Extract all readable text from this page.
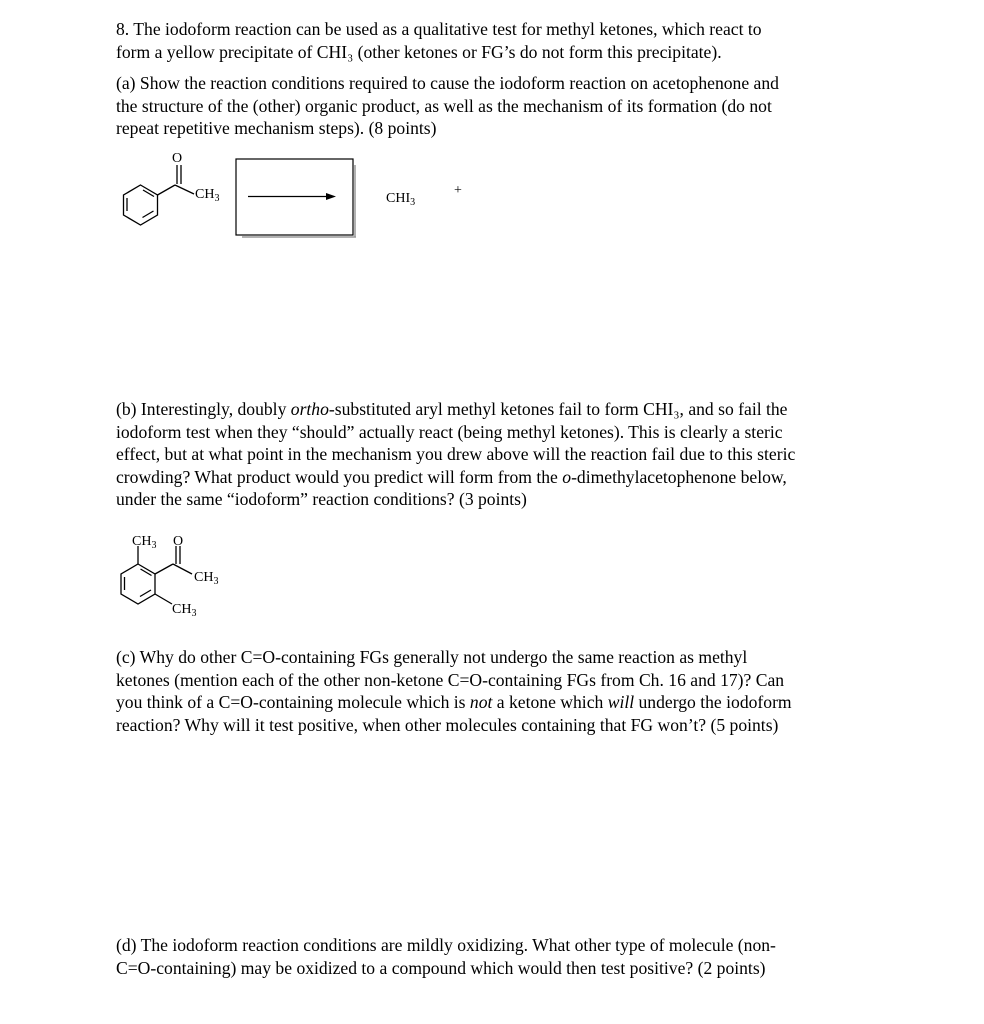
8. The iodoform reaction can be used as a qualitative test for methyl ketones, which react to

form a yellow precipitate of CHI₃ (other ketones or FG’s do not form this precipitate).

(a) Show the reaction conditions required to cause the iodoform reaction on acetophenone and

the structure of the (other) organic product, as well as the mechanism of its formation (do not

repeat repetitive mechanism steps). (8 points)

O
$CH_3$	$CHI_3$
+

(b) Interestingly, doubly ortho-substituted aryl methyl ketones fail to form CHI₃, and so fail the

iodoform test when they “should” actually react (being methyl ketones). This is clearly a steric

effect, but at what point in the mechanism you drew above will the reaction fail due to this steric

crowding? What product would you predict will form from the o-dimethylacetophenone below,

under the same “iodoform” reaction conditions? (3 points)

$CH_3$ O
$CH_3$
$CH_3$

(c) Why do other C=O-containing FGs generally not undergo the same reaction as methyl

ketones (mention each of the other non-ketone C=O-containing FGs from Ch. 16 and 17)? Can

you think of a C=O-containing molecule which is not a ketone which will undergo the iodoform

reaction? Why will it test positive, when other molecules containing that FG won’t? (5 points)

(d) The iodoform reaction conditions are mildly oxidizing. What other type of molecule (non-

C=O-containing) may be oxidized to a compound which would then test positive? (2 points)
